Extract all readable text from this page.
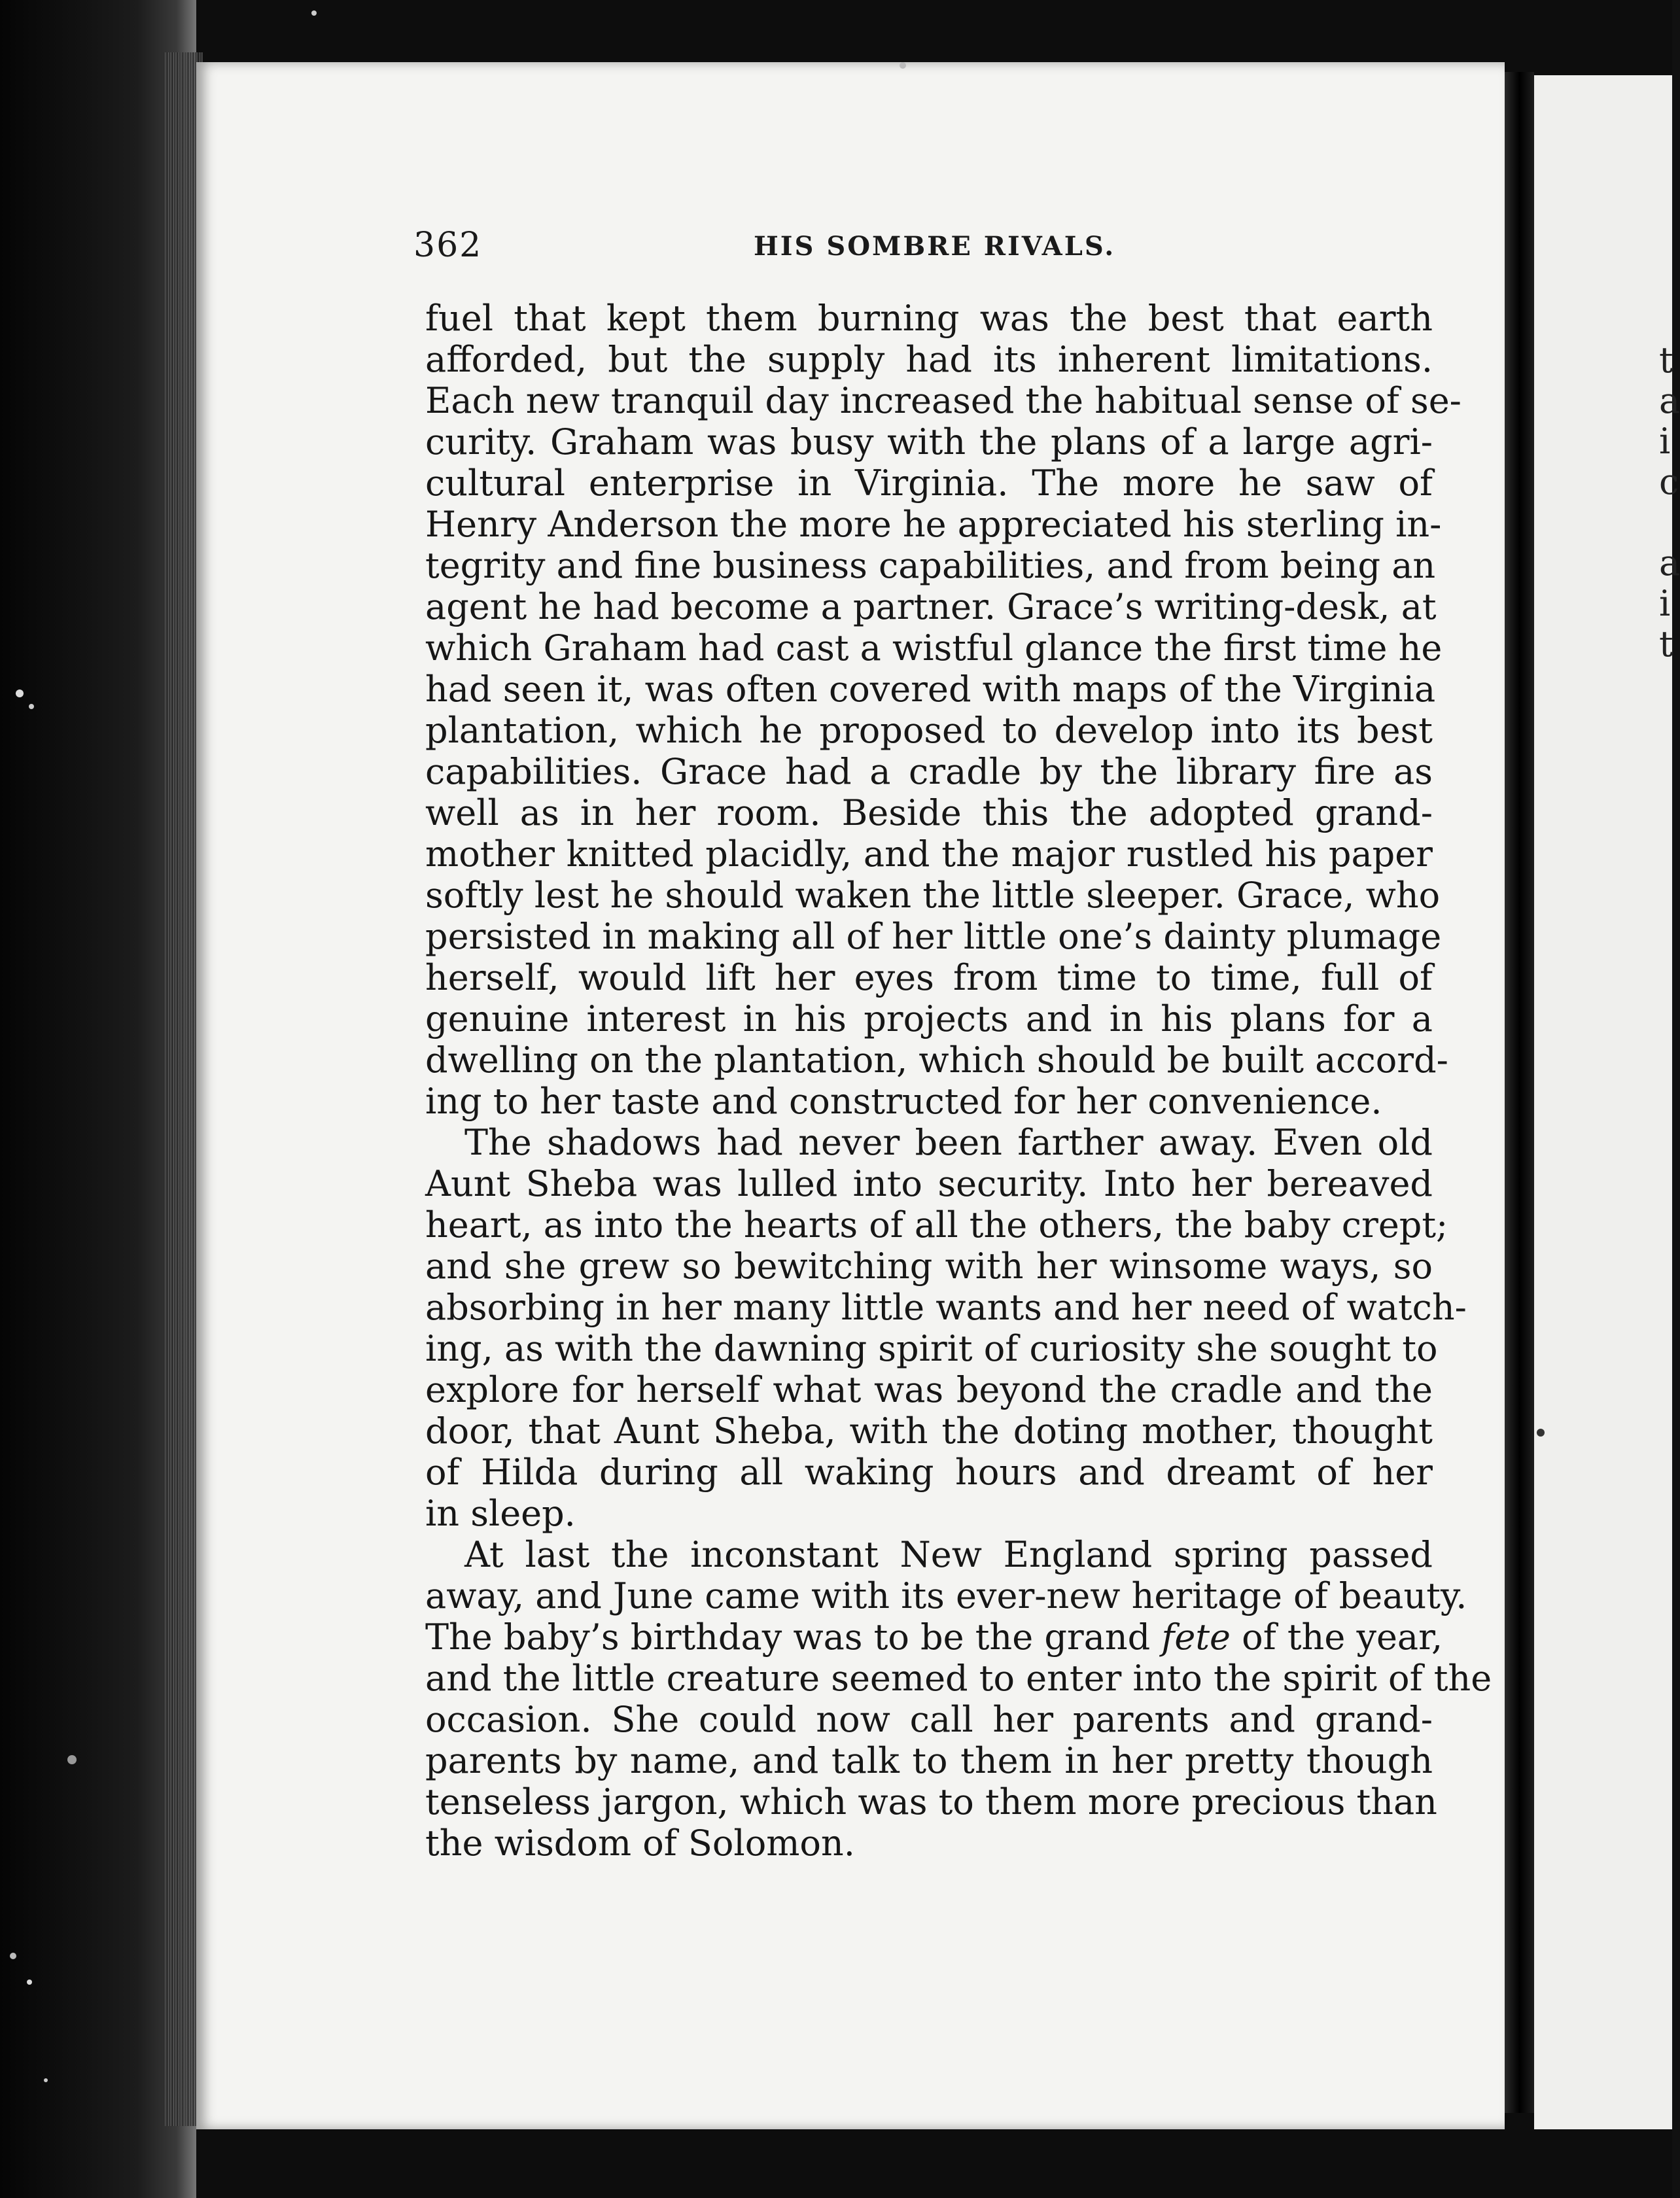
t
a
i
c

a
i
t
362	HIS SOMBRE RIVALS.
fuel that kept them burning was the best that earth
afforded, but the supply had its inherent limitations.
Each new tranquil day increased the habitual sense of se-
curity. Graham was busy with the plans of a large agri-
cultural enterprise in Virginia. The more he saw of
Henry Anderson the more he appreciated his sterling in-
tegrity and fine business capabilities, and from being an
agent he had become a partner. Grace’s writing-desk, at
which Graham had cast a wistful glance the first time he
had seen it, was often covered with maps of the Virginia
plantation, which he proposed to develop into its best
capabilities. Grace had a cradle by the library fire as
well as in her room. Beside this the adopted grand-
mother knitted placidly, and the major rustled his paper
softly lest he should waken the little sleeper. Grace, who
persisted in making all of her little one’s dainty plumage
herself, would lift her eyes from time to time, full of
genuine interest in his projects and in his plans for a
dwelling on the plantation, which should be built accord-
ing to her taste and constructed for her convenience.
The shadows had never been farther away. Even old
Aunt Sheba was lulled into security. Into her bereaved
heart, as into the hearts of all the others, the baby crept;
and she grew so bewitching with her winsome ways, so
absorbing in her many little wants and her need of watch-
ing, as with the dawning spirit of curiosity she sought to
explore for herself what was beyond the cradle and the
door, that Aunt Sheba, with the doting mother, thought
of Hilda during all waking hours and dreamt of her
in sleep.
At last the inconstant New England spring passed
away, and June came with its ever-new heritage of beauty.
The baby’s birthday was to be the grand fete of the year,
and the little creature seemed to enter into the spirit of the
occasion. She could now call her parents and grand-
parents by name, and talk to them in her pretty though
tenseless jargon, which was to them more precious than
the wisdom of Solomon.
